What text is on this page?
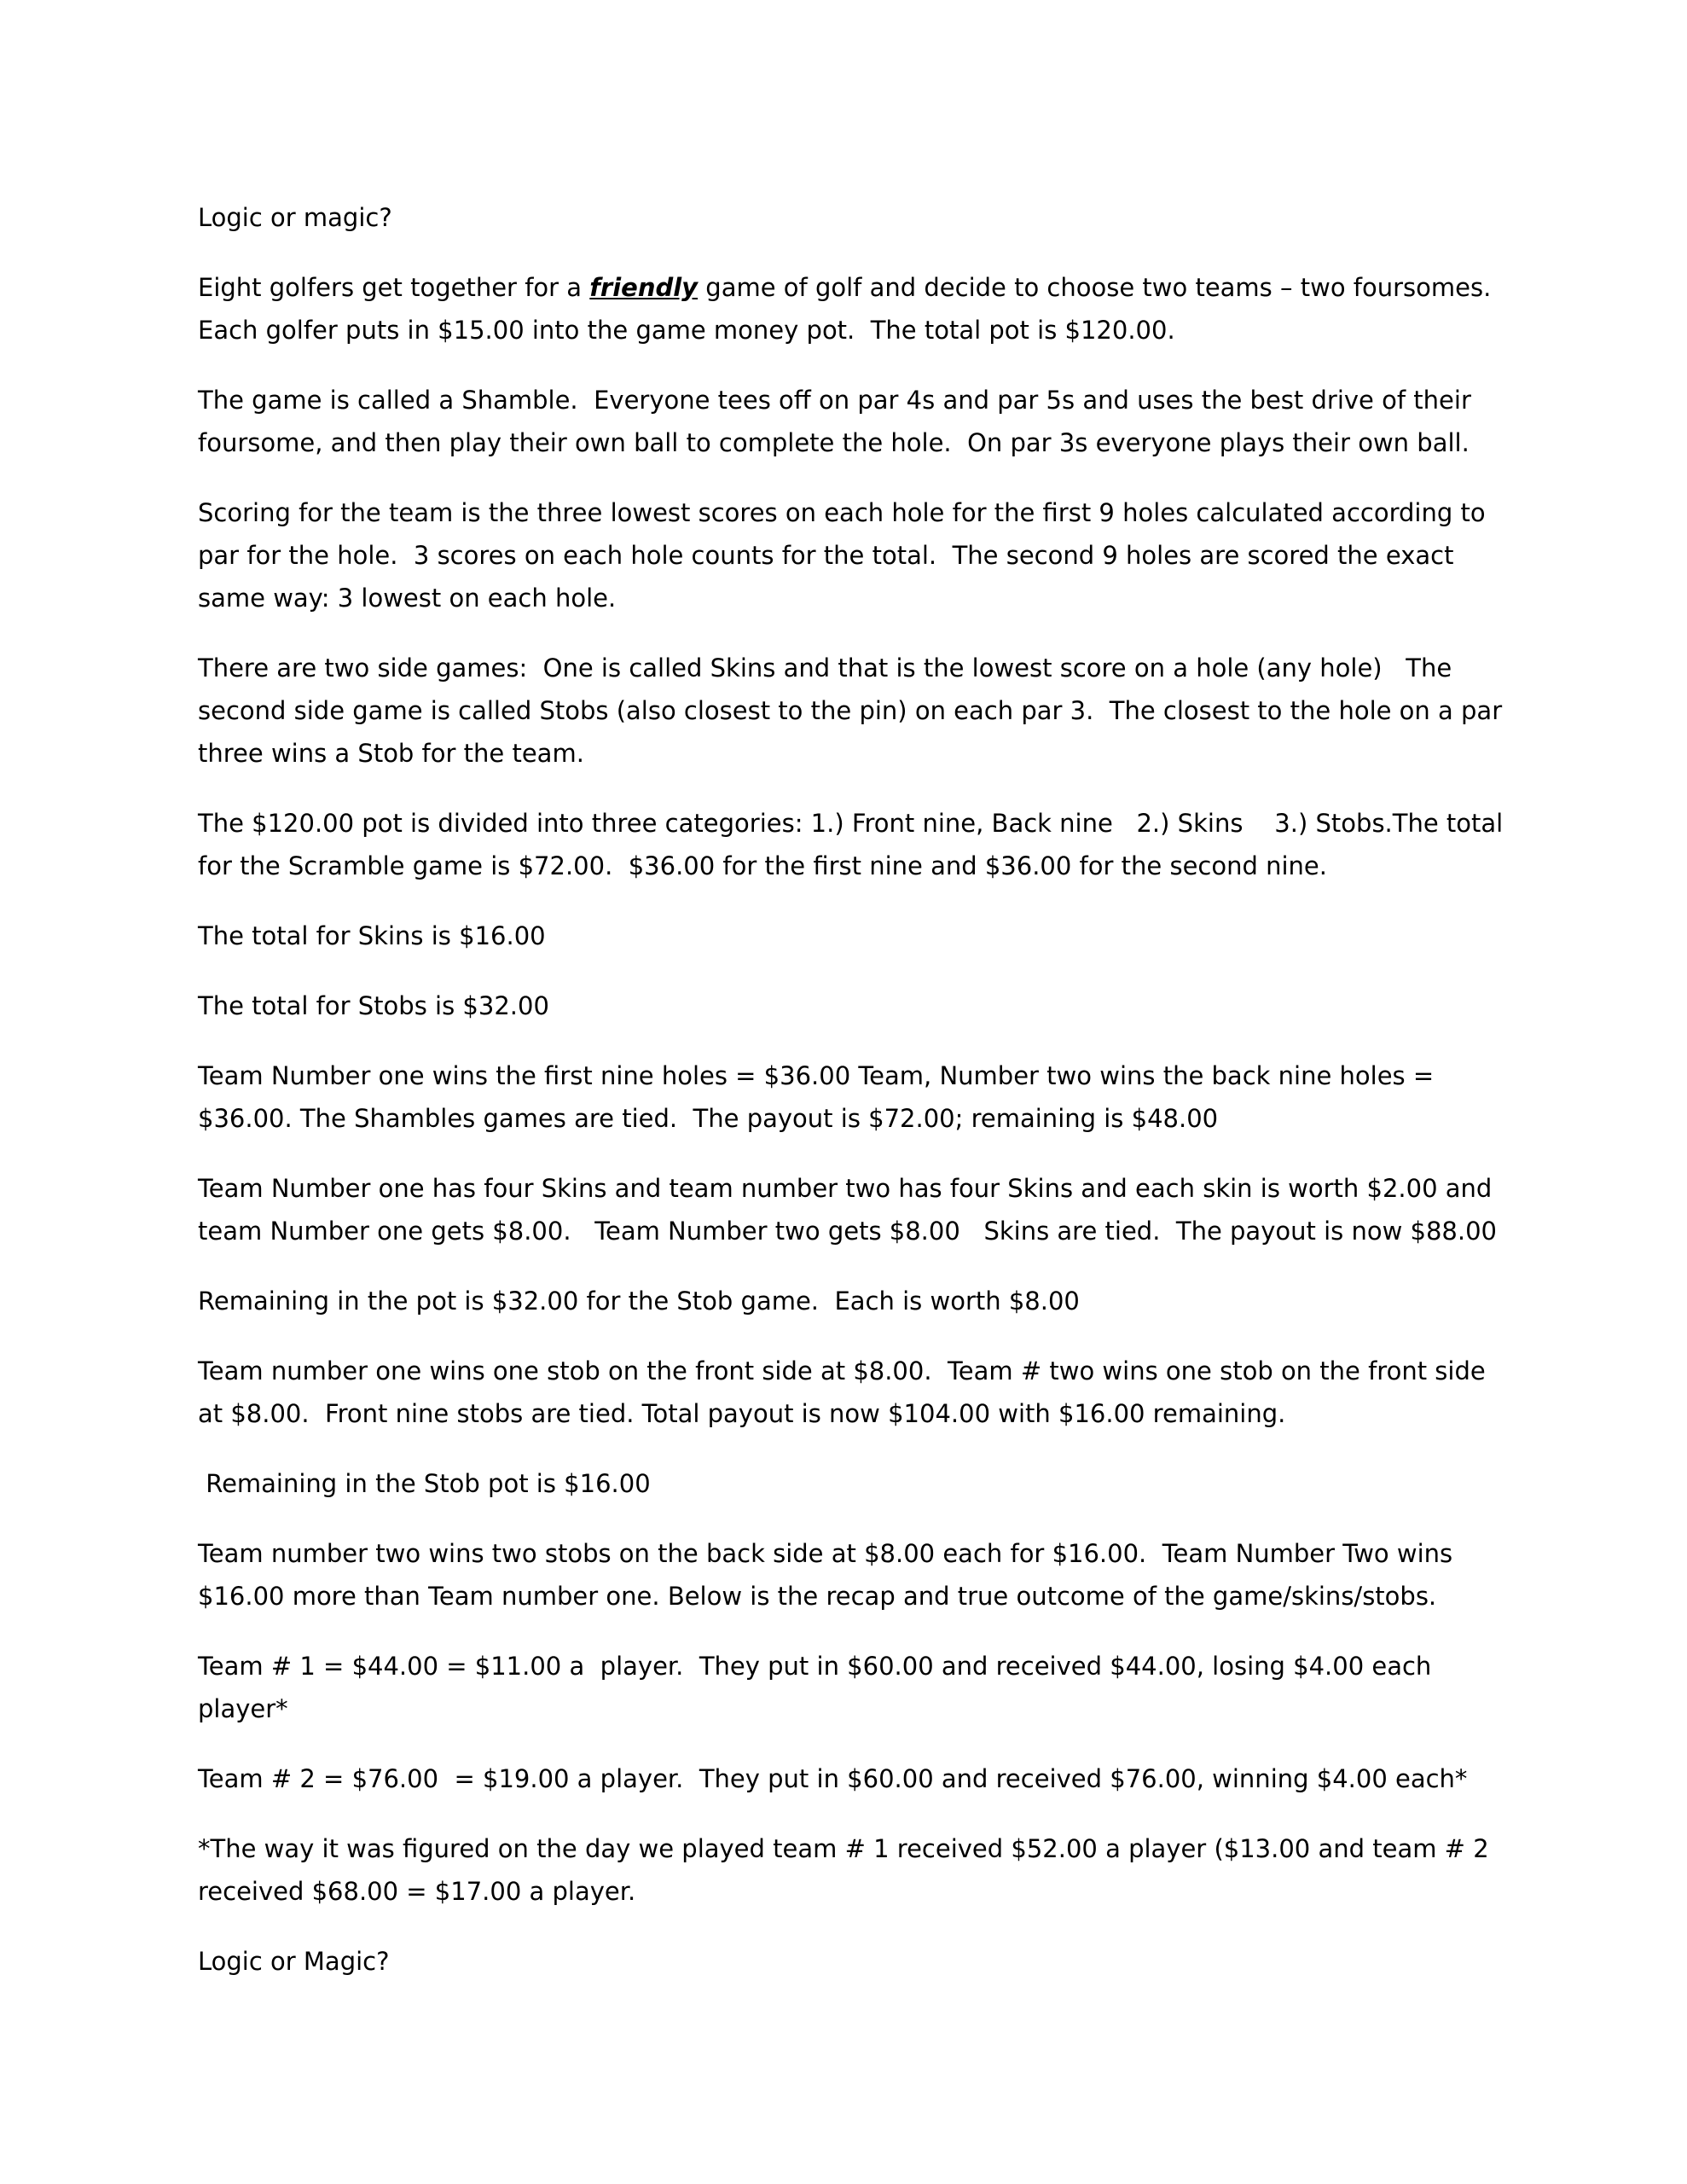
Logic or magic?

Eight golfers get together for a friendly game of golf and decide to choose two teams – two foursomes. Each golfer puts in $15.00 into the game money pot.  The total pot is $120.00.

The game is called a Shamble.  Everyone tees off on par 4s and par 5s and uses the best drive of their foursome, and then play their own ball to complete the hole.  On par 3s everyone plays their own ball.

Scoring for the team is the three lowest scores on each hole for the first 9 holes calculated according to par for the hole.  3 scores on each hole counts for the total.  The second 9 holes are scored the exact same way: 3 lowest on each hole.

There are two side games:  One is called Skins and that is the lowest score on a hole (any hole)   The second side game is called Stobs (also closest to the pin) on each par 3.  The closest to the hole on a par three wins a Stob for the team.

The $120.00 pot is divided into three categories: 1.) Front nine, Back nine   2.) Skins    3.) Stobs.The total for the Scramble game is $72.00.  $36.00 for the first nine and $36.00 for the second nine.

The total for Skins is $16.00

The total for Stobs is $32.00

Team Number one wins the first nine holes = $36.00 Team, Number two wins the back nine holes = $36.00. The Shambles games are tied.  The payout is $72.00; remaining is $48.00

Team Number one has four Skins and team number two has four Skins and each skin is worth $2.00 and team Number one gets $8.00.   Team Number two gets $8.00   Skins are tied.  The payout is now $88.00

Remaining in the pot is $32.00 for the Stob game.  Each is worth $8.00

Team number one wins one stob on the front side at $8.00.  Team # two wins one stob on the front side at $8.00.  Front nine stobs are tied. Total payout is now $104.00 with $16.00 remaining.

Remaining in the Stob pot is $16.00

Team number two wins two stobs on the back side at $8.00 each for $16.00.  Team Number Two wins $16.00 more than Team number one. Below is the recap and true outcome of the game/skins/stobs.

Team # 1 = $44.00 = $11.00 a  player.  They put in $60.00 and received $44.00, losing $4.00 each player*

Team # 2 = $76.00  = $19.00 a player.  They put in $60.00 and received $76.00, winning $4.00 each*

*The way it was figured on the day we played team # 1 received $52.00 a player ($13.00 and team # 2 received $68.00 = $17.00 a player.

Logic or Magic?
